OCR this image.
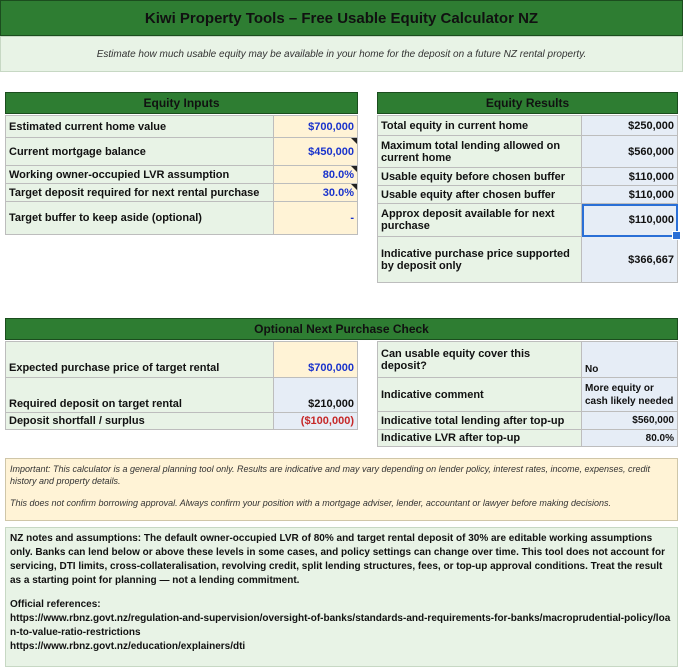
Kiwi Property Tools – Free Usable Equity Calculator NZ
Estimate how much usable equity may be available in your home for the deposit on a future NZ rental property.
Equity Inputs
Estimated current home value	$700,000
Current mortgage balance	$450,000

Working owner-occupied LVR assumption	80.0%

Target deposit required for next rental purchase	30.0%

Target buffer to keep aside (optional)	-
Equity Results
Total equity in current home	$250,000
Maximum total lending allowed on current home	$560,000
Usable equity before chosen buffer	$110,000
Usable equity after chosen buffer	$110,000
Approx deposit available for next purchase	$110,000

Indicative purchase price supported by deposit only	$366,667
Optional Next Purchase Check
Expected purchase price of target rental	$700,000
Required deposit on target rental	$210,000
Deposit shortfall / surplus	($100,000)
Can usable equity cover this deposit?	No
Indicative comment	More equity or cash likely needed
Indicative total lending after top-up	$560,000
Indicative LVR after top-up	80.0%

Important: This calculator is a general planning tool only. Results are indicative and may vary depending on lender policy, interest rates, income, expenses, credit history and property details.

This does not confirm borrowing approval. Always confirm your position with a mortgage adviser, lender, accountant or lawyer before making decisions.

NZ notes and assumptions: The default owner-occupied LVR of 80% and target rental deposit of 30% are editable working assumptions only. Banks can lend below or above these levels in some cases, and policy settings can change over time. This tool does not account for servicing, DTI limits, cross-collateralisation, revolving credit, split lending structures, fees, or top-up approval conditions. Treat the result as a starting point for planning — not a lending commitment.

Official references:
https://www.rbnz.govt.nz/regulation-and-supervision/oversight-of-banks/standards-and-requirements-for-banks/macroprudential-policy/loan-to-value-ratio-restrictions
https://www.rbnz.govt.nz/education/explainers/dti
